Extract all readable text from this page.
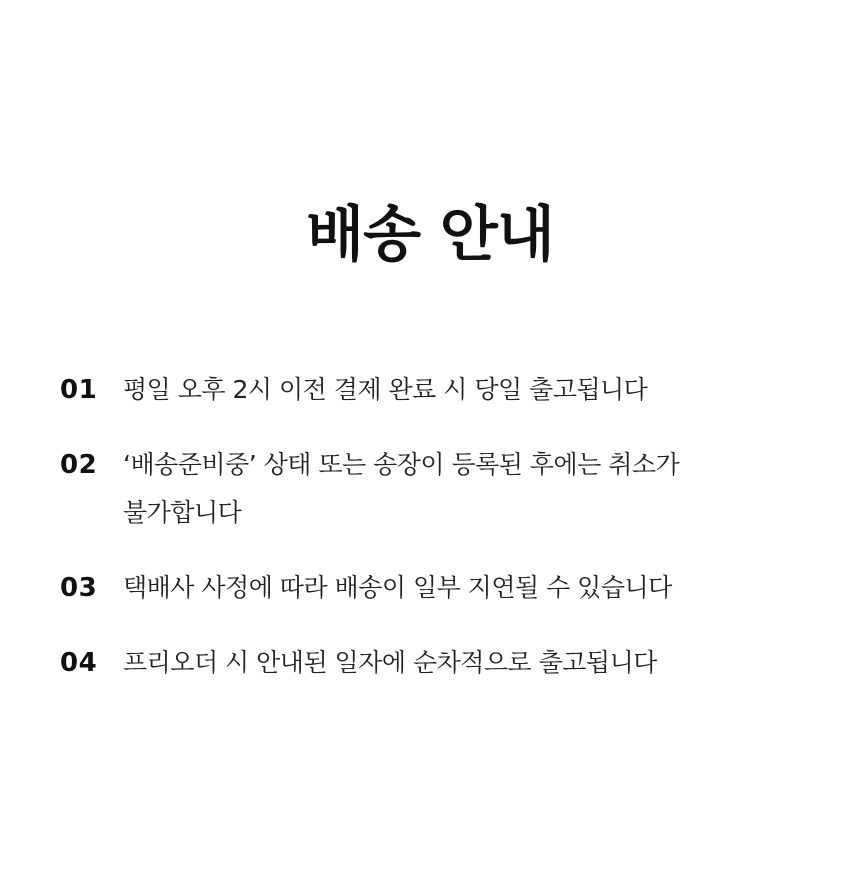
배송 안내
01	평일 오후 2시 이전 결제 완료 시 당일 출고됩니다
02	‘배송준비중’ 상태 또는 송장이 등록된 후에는 취소가 불가합니다
03	택배사 사정에 따라 배송이 일부 지연될 수 있습니다
04	프리오더 시 안내된 일자에 순차적으로 출고됩니다
